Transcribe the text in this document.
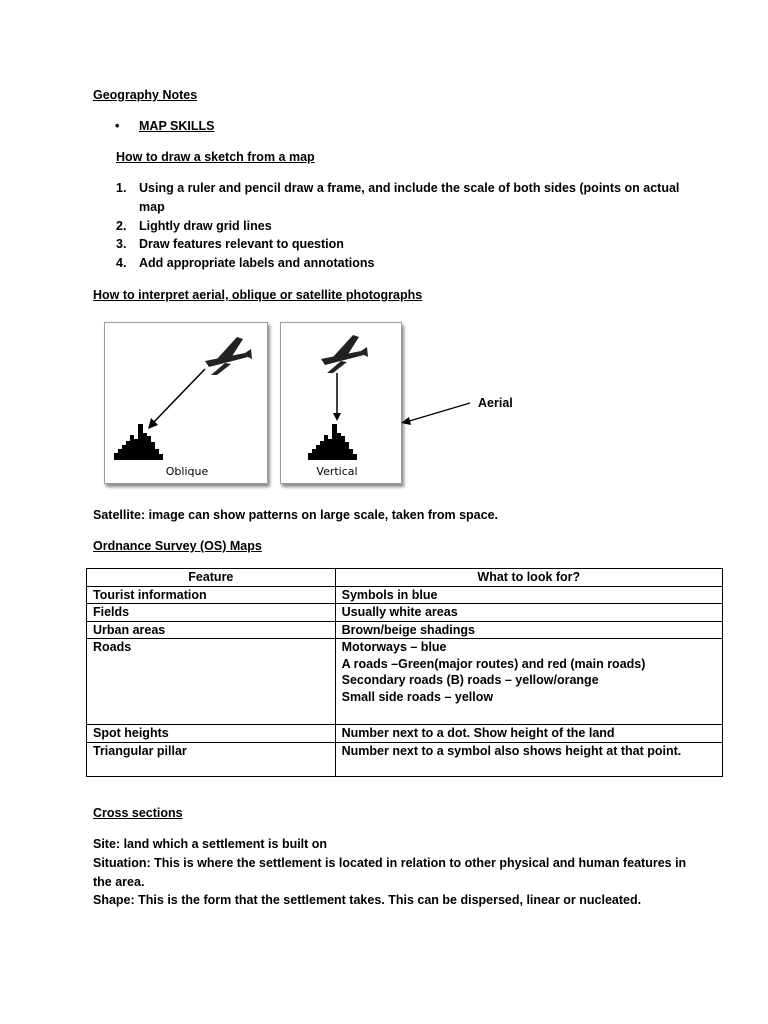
Geography Notes
• MAP SKILLS
How to draw a sketch from a map
1. Using a ruler and pencil draw a frame, and include the scale of both sides (points on actual
map
2. Lightly draw grid lines
3. Draw features relevant to question
4. Add appropriate labels and annotations
How to interpret aerial, oblique or satellite photographs
Oblique	Vertical
Aerial
Satellite: image can show patterns on large scale, taken from space.
Ordnance Survey (OS) Maps
Feature	What to look for?
Tourist information	Symbols in blue
Fields	Usually white areas
Urban areas	Brown/beige shadings
Roads	Motorways – blue
A roads –Green(major routes) and red (main roads)
Secondary roads (B) roads – yellow/orange
Small side roads – yellow

Spot heights	Number next to a dot. Show height of the land
Triangular pillar	Number next to a symbol also shows height at that point.
Cross sections
Site: land which a settlement is built on
Situation: This is where the settlement is located in relation to other physical and human features in
the area.
Shape: This is the form that the settlement takes. This can be dispersed, linear or nucleated.
